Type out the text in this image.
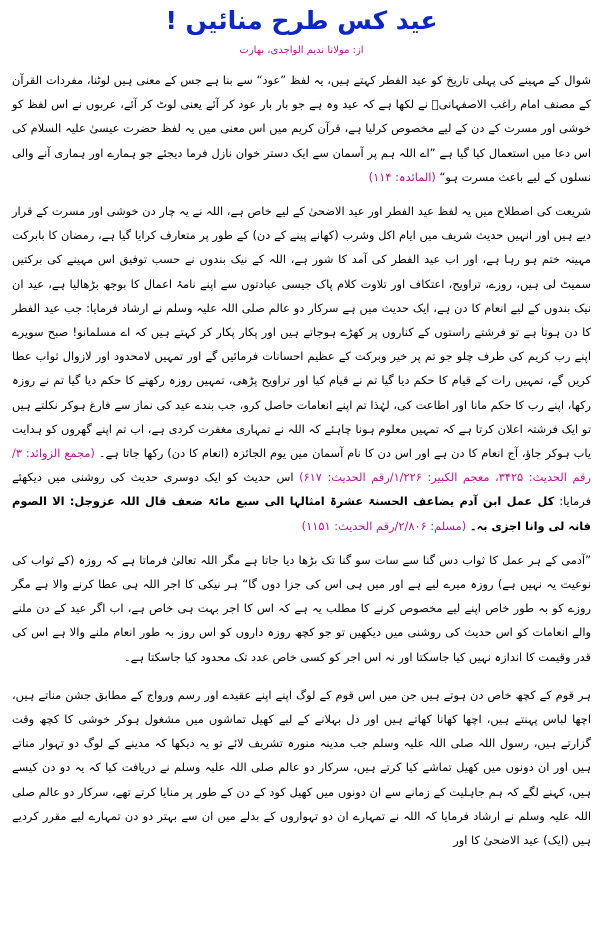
عید کس طرح منائیں !
از: مولانا ندیم الواجدی، بھارت

شوال کے مہینے کی پہلی تاریخ کو عید الفطر کہتے ہیں، یہ لفظ ”عود“ سے بنا ہے جس کے معنی ہیں لوٹنا، مفردات القرآن کے مصنف امام راغب الاصفہانیؒ نے لکھا ہے کہ عید وہ ہے جو بار بار عود کر آئے یعنی لوٹ کر آئے، عربوں نے اس لفظ کو خوشی اور مسرت کے دن کے لیے مخصوص کرلیا ہے، قرآن کریم میں اس معنی میں یہ لفظ حضرت عیسیٰ علیہ السلام کی اس دعا میں استعمال کیا گیا ہے ”اے اللہ ہم پر آسمان سے ایک دستر خوان نازل فرما دیجئے جو ہمارے اور ہماری آنے والی نسلوں کے لیے باعث مسرت ہو“ (المائدہ: ۱۱۴)

شریعت کی اصطلاح میں یہ لفظ عید الفطر اور عید الاضحیٰ کے لیے خاص ہے، اللہ نے یہ چار دن خوشی اور مسرت کے قرار دیے ہیں اور انہیں حدیث شریف میں ایام اکل وشرب (کھانے پینے کے دن) کے طور پر متعارف کرایا گیا ہے، رمضان کا بابرکت مہینہ ختم ہو رہا ہے، اور اب عید الفطر کی آمد کا شور ہے، اللہ کے نیک بندوں نے حسب توفیق اس مہینے کی برکتیں سمیٹ لی ہیں، روزے، تراویح، اعتکاف اور تلاوت کلام پاک جیسی عبادتوں سے اپنے نامۂ اعمال کا بوجھ بڑھالیا ہے، عید ان نیک بندوں کے لیے انعام کا دن ہے، ایک حدیث میں ہے سرکار دو عالم صلی اللہ علیہ وسلم نے ارشاد فرمایا: جب عید الفطر کا دن ہوتا ہے تو فرشتے راستوں کے کناروں پر کھڑے ہوجاتے ہیں اور پکار پکار کر کہتے ہیں کہ اے مسلمانو! صبح سویرے اپنے رب کریم کی طرف چلو جو تم پر خیر وبرکت کے عظیم احسانات فرمائیں گے اور تمہیں لامحدود اور لازوال ثواب عطا کریں گے، تمہیں رات کے قیام کا حکم دیا گیا تم نے قیام کیا اور تراویح پڑھی، تمہیں روزہ رکھنے کا حکم دیا گیا تم نے روزہ رکھا، اپنے رب کا حکم مانا اور اطاعت کی، لہٰذا تم اپنے انعامات حاصل کرو، جب بندے عید کی نماز سے فارغ ہوکر نکلتے ہیں تو ایک فرشتہ اعلان کرتا ہے کہ تمہیں معلوم ہونا چاہئے کہ اللہ نے تمہاری مغفرت کردی ہے، اب تم اپنے گھروں کو ہدایت یاب ہوکر جاؤ، آج انعام کا دن ہے اور اس دن کا نام آسمان میں یوم الجائزہ (انعام کا دن) رکھا جاتا ہے۔ (مجمع الزوائد: ۳/رقم الحدیث: ۳۴۲۵، معجم الکبیر: ۱/۲۲۶/رقم الحدیث: ۶۱۷) اس حدیث کو ایک دوسری حدیث کی روشنی میں دیکھئے فرمایا: کل عمل ابن آدم یضاعف الحسنۃ عشرۃ امثالہا الی سبع مائۃ ضعف قال اللہ عزوجل: الا الصوم فانہ لی وانا اجزی بہ۔ (مسلم: ۲/۸۰۶/رقم الحدیث: ۱۱۵۱)

”آدمی کے ہر عمل کا ثواب دس گنا سے سات سو گنا تک بڑھا دیا جاتا ہے مگر اللہ تعالیٰ فرماتا ہے کہ روزہ (کے ثواب کی نوعیت یہ نہیں ہے) روزہ میرے لیے ہے اور میں ہی اس کی جزا دوں گا“ ہر نیکی کا اجر اللہ ہی عطا کرنے والا ہے مگر روزے کو بہ طور خاص اپنے لیے مخصوص کرنے کا مطلب یہ ہے کہ اس کا اجر بہت ہی خاص ہے، اب اگر عید کے دن ملنے والے انعامات کو اس حدیث کی روشنی میں دیکھیں تو جو کچھ روزہ داروں کو اس روز بہ طور انعام ملنے والا ہے اس کی قدر وقیمت کا اندازہ نہیں کیا جاسکتا اور نہ اس اجر کو کسی خاص عدد تک محدود کیا جاسکتا ہے۔

ہر قوم کے کچھ خاص دن ہوتے ہیں جن میں اس قوم کے لوگ اپنے اپنے عقیدے اور رسم ورواج کے مطابق جشن مناتے ہیں، اچھا لباس پہنتے ہیں، اچھا کھانا کھاتے ہیں اور دل بہلانے کے لیے کھیل تماشوں میں مشغول ہوکر خوشی کا کچھ وقت گزارتے ہیں، رسول اللہ صلی اللہ علیہ وسلم جب مدینہ منورہ تشریف لائے تو یہ دیکھا کہ مدینے کے لوگ دو تہوار مناتے ہیں اور ان دونوں میں کھیل تماشے کیا کرتے ہیں، سرکار دو عالم صلی اللہ علیہ وسلم نے دریافت کیا کہ یہ دو دن کیسے ہیں، کہنے لگے کہ ہم جاہلیت کے زمانے سے ان دونوں میں کھیل کود کے دن کے طور پر منایا کرتے تھے، سرکار دو عالم صلی اللہ علیہ وسلم نے ارشاد فرمایا کہ اللہ نے تمہارے ان دو تہواروں کے بدلے میں ان سے بہتر دو دن تمہارے لیے مقرر کردیے ہیں (ایک) عید الاضحیٰ کا اور
